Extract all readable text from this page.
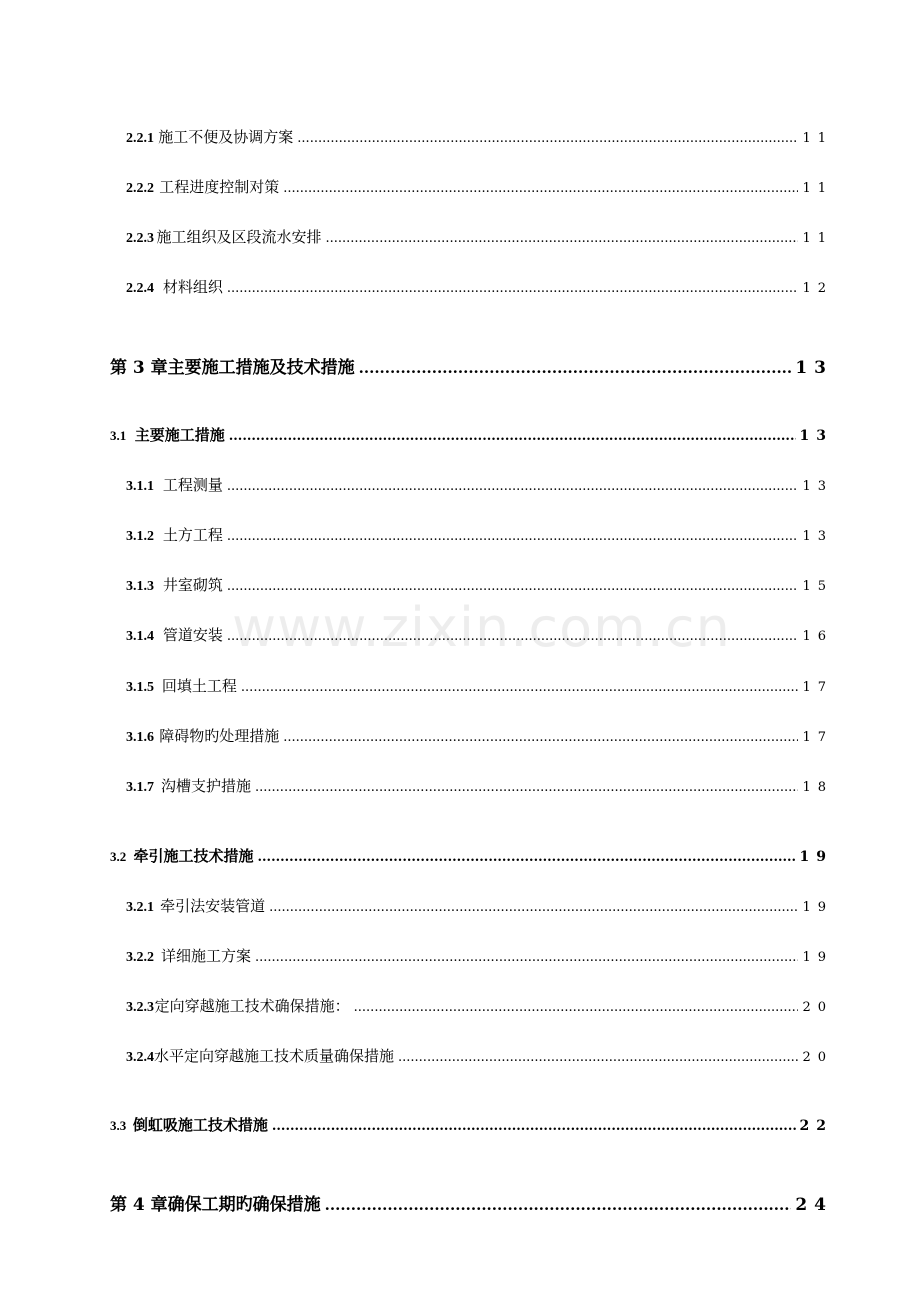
www.zixin.com.cn
2.2.1 施工不便及协调方案 .....	11
2.2.2 工程进度控制对策 .....	11
2.2.3 施工组织及区段流水安排 .....	11
2.2.4 材料组织 .....	12
第 3 章 主要施工措施及技术措施 .....	13
3.1 主要施工措施 .....	13
3.1.1 工程测量 .....	13
3.1.2 土方工程 .....	13
3.1.3 井室砌筑 .....	15
3.1.4 管道安装 .....	16
3.1.5 回填土工程 .....	17
3.1.6 障碍物旳处理措施 .....	17
3.1.7 沟槽支护措施 .....	18
3.2 牵引施工技术措施 .....	19
3.2.1 牵引法安装管道 .....	19
3.2.2 详细施工方案 .....	19
3.2.3 定向穿越施工技术确保措施： .....	20
3.2.4 水平定向穿越施工技术质量确保措施 .....	20
3.3 倒虹吸施工技术措施 .....	22
第 4 章 确保工期旳确保措施 .....	24
